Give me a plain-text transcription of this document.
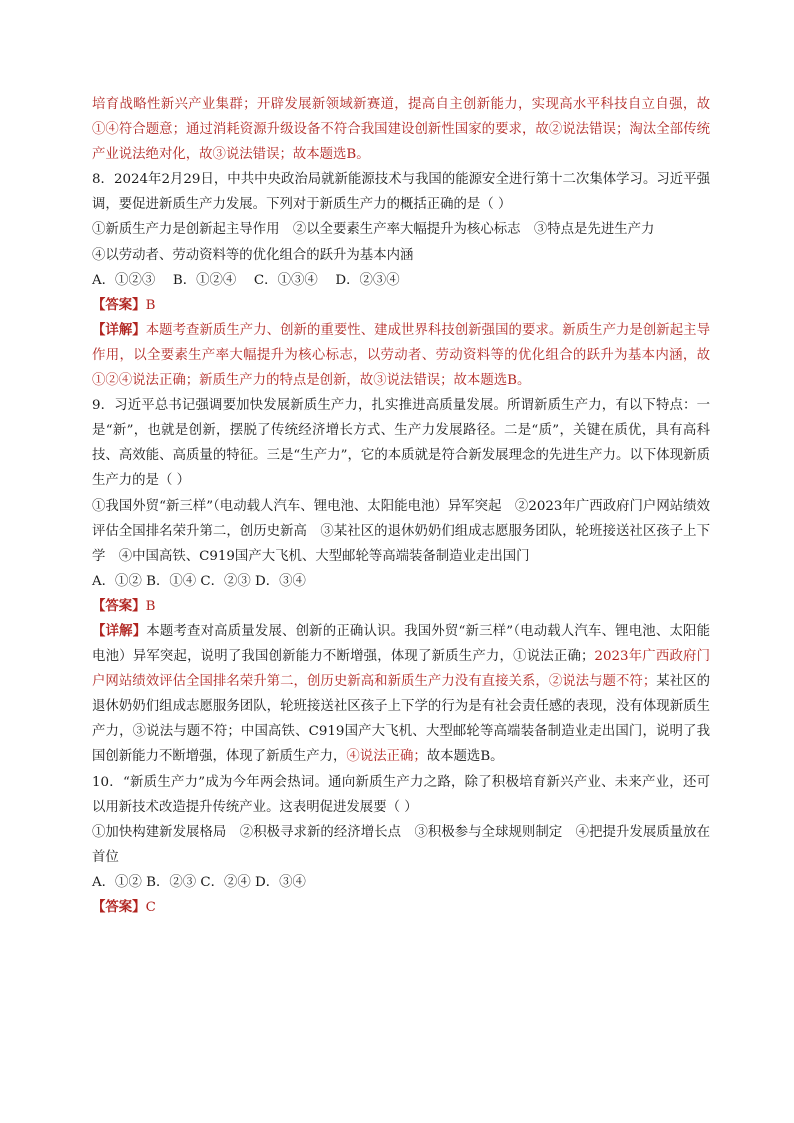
培育战略性新兴产业集群；开辟发展新领域新赛道，提高自主创新能力，实现高水平科技自立自强，故①④符合题意；通过消耗资源升级设备不符合我国建设创新性国家的要求，故②说法错误；淘汰全部传统产业说法绝对化，故③说法错误；故本题选B。

8．2024年2月29日，中共中央政治局就新能源技术与我国的能源安全进行第十二次集体学习。习近平强调，要促进新质生产力发展。下列对于新质生产力的概括正确的是（ ）

①新质生产力是创新起主导作用　②以全要素生产率大幅提升为核心标志　③特点是先进生产力

④以劳动者、劳动资料等的优化组合的跃升为基本内涵

A．①②③　 B．①②④　 C．①③④　 D．②③④

【答案】B

【详解】本题考查新质生产力、创新的重要性、建成世界科技创新强国的要求。新质生产力是创新起主导作用，以全要素生产率大幅提升为核心标志，以劳动者、劳动资料等的优化组合的跃升为基本内涵，故①②④说法正确；新质生产力的特点是创新，故③说法错误；故本题选B。

9．习近平总书记强调要加快发展新质生产力，扎实推进高质量发展。所谓新质生产力，有以下特点：一是“新”，也就是创新，摆脱了传统经济增长方式、生产力发展路径。二是“质”，关键在质优，具有高科技、高效能、高质量的特征。三是“生产力”，它的本质就是符合新发展理念的先进生产力。以下体现新质生产力的是（ ）

①我国外贸“新三样”（电动载人汽车、锂电池、太阳能电池）异军突起　②2023年广西政府门户网站绩效评估全国排名荣升第二，创历史新高　③某社区的退休奶奶们组成志愿服务团队，轮班接送社区孩子上下学　④中国高铁、C919国产大飞机、大型邮轮等高端装备制造业走出国门

A．①② B．①④ C．②③ D．③④

【答案】B

【详解】本题考查对高质量发展、创新的正确认识。我国外贸“新三样”（电动载人汽车、锂电池、太阳能电池）异军突起，说明了我国创新能力不断增强，体现了新质生产力，①说法正确；2023年广西政府门户网站绩效评估全国排名荣升第二，创历史新高和新质生产力没有直接关系，②说法与题不符；某社区的退休奶奶们组成志愿服务团队，轮班接送社区孩子上下学的行为是有社会责任感的表现，没有体现新质生产力，③说法与题不符；中国高铁、C919国产大飞机、大型邮轮等高端装备制造业走出国门，说明了我国创新能力不断增强，体现了新质生产力，④说法正确；故本题选B。

10．“新质生产力”成为今年两会热词。通向新质生产力之路，除了积极培育新兴产业、未来产业，还可以用新技术改造提升传统产业。这表明促进发展要（ ）

①加快构建新发展格局　②积极寻求新的经济增长点　③积极参与全球规则制定　④把提升发展质量放在首位

A．①② B．②③ C．②④ D．③④

【答案】C
